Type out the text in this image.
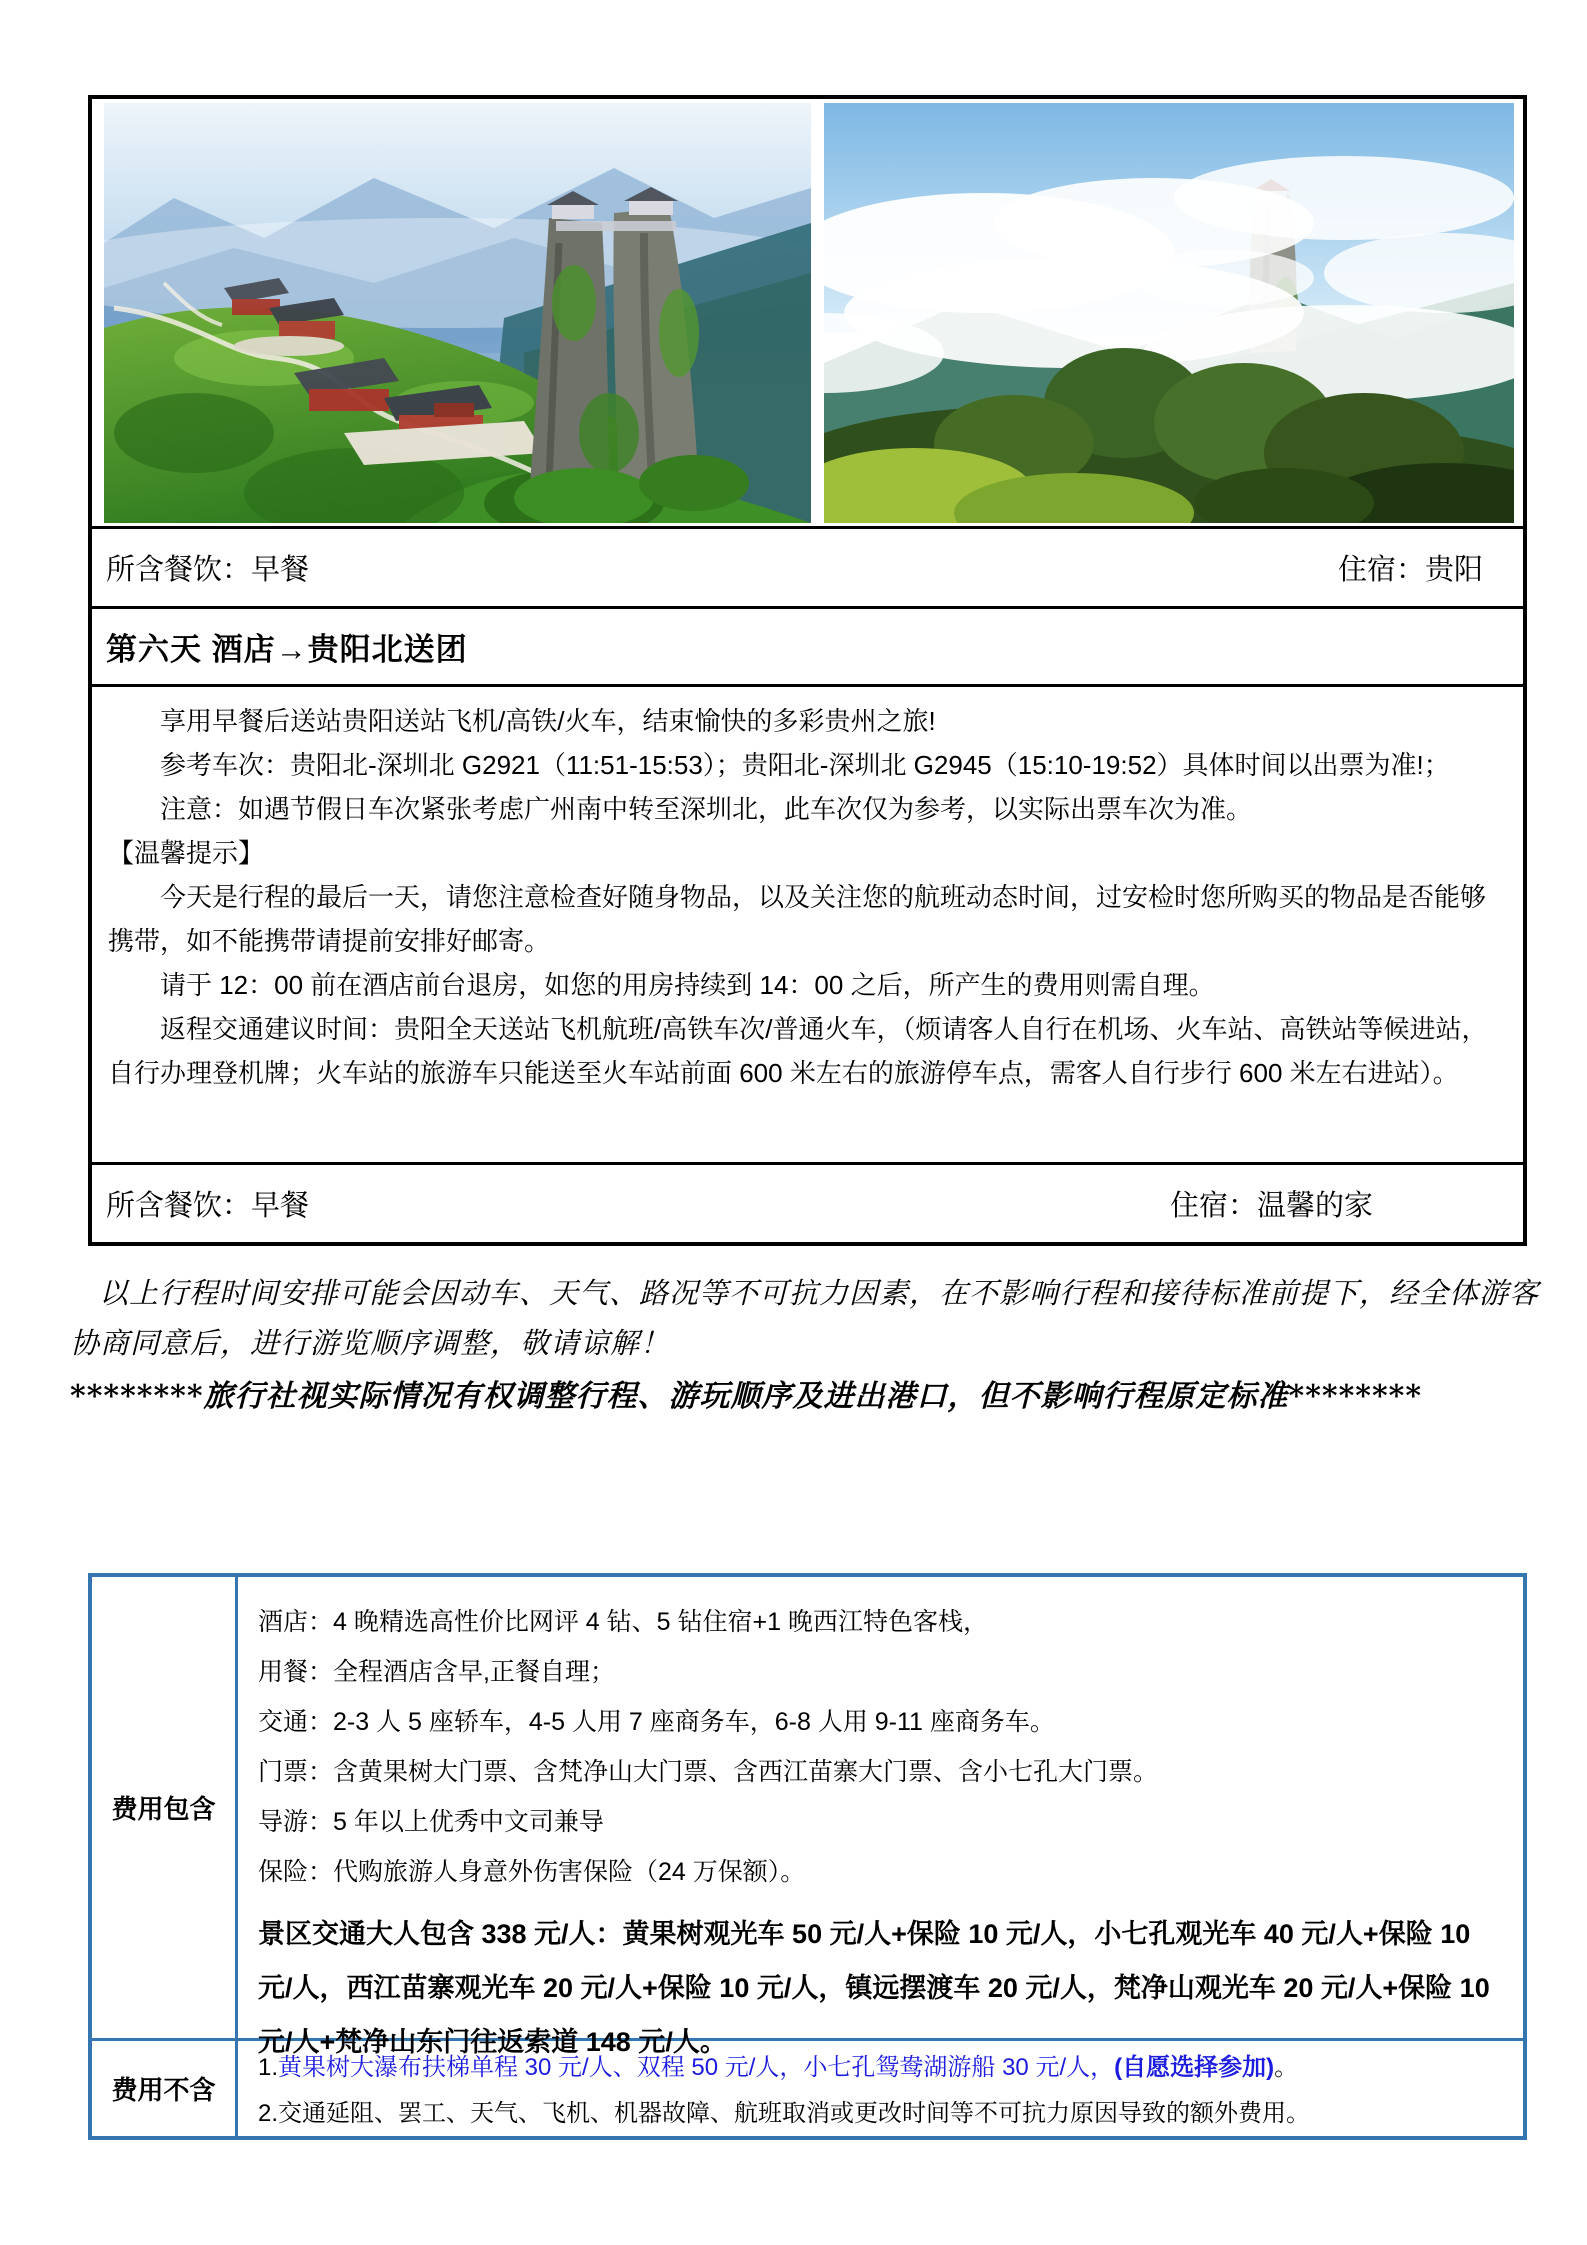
所含餐饮：早餐	住宿：贵阳
第六天 酒店→贵阳北送团

享用早餐后送站贵阳送站飞机/高铁/火车，结束愉快的多彩贵州之旅!

参考车次：贵阳北-深圳北 G2921（11:51-15:53）；贵阳北-深圳北 G2945（15:10-19:52）具体时间以出票为准!；

注意：如遇节假日车次紧张考虑广州南中转至深圳北，此车次仅为参考，以实际出票车次为准。

【温馨提示】

今天是行程的最后一天，请您注意检查好随身物品，以及关注您的航班动态时间，过安检时您所购买的物品是否能够携带，如不能携带请提前安排好邮寄。

请于 12：00 前在酒店前台退房，如您的用房持续到 14：00 之后，所产生的费用则需自理。

返程交通建议时间：贵阳全天送站飞机航班/高铁车次/普通火车，（烦请客人自行在机场、火车站、高铁站等候进站，自行办理登机牌；火车站的旅游车只能送至火车站前面 600 米左右的旅游停车点，需客人自行步行 600 米左右进站）。

所含餐饮：早餐	住宿：温馨的家

以上行程时间安排可能会因动车、天气、路况等不可抗力因素，在不影响行程和接待标准前提下，经全体游客协商同意后，进行游览顺序调整，敬请谅解！

********旅行社视实际情况有权调整行程、游玩顺序及进出港口，但不影响行程原定标准********

费用包含
酒店：4 晚精选高性价比网评 4 钻、5 钻住宿+1 晚西江特色客栈，
用餐：全程酒店含早,正餐自理；
交通：2-3 人 5 座轿车，4-5 人用 7 座商务车，6-8 人用 9-11 座商务车。
门票：含黄果树大门票、含梵净山大门票、含西江苗寨大门票、含小七孔大门票。
导游：5 年以上优秀中文司兼导
保险：代购旅游人身意外伤害保险（24 万保额）。
景区交通大人包含 338 元/人：黄果树观光车 50 元/人+保险 10 元/人，小七孔观光车 40 元/人+保险 10 元/人，西江苗寨观光车 20 元/人+保险 10 元/人，镇远摆渡车 20 元/人，梵净山观光车 20 元/人+保险 10 元/人+梵净山东门往返索道 148 元/人。
费用不含
1.黄果树大瀑布扶梯单程 30 元/人、双程 50 元/人，小七孔鸳鸯湖游船 30 元/人，(自愿选择参加)。
2.交通延阻、罢工、天气、飞机、机器故障、航班取消或更改时间等不可抗力原因导致的额外费用。
